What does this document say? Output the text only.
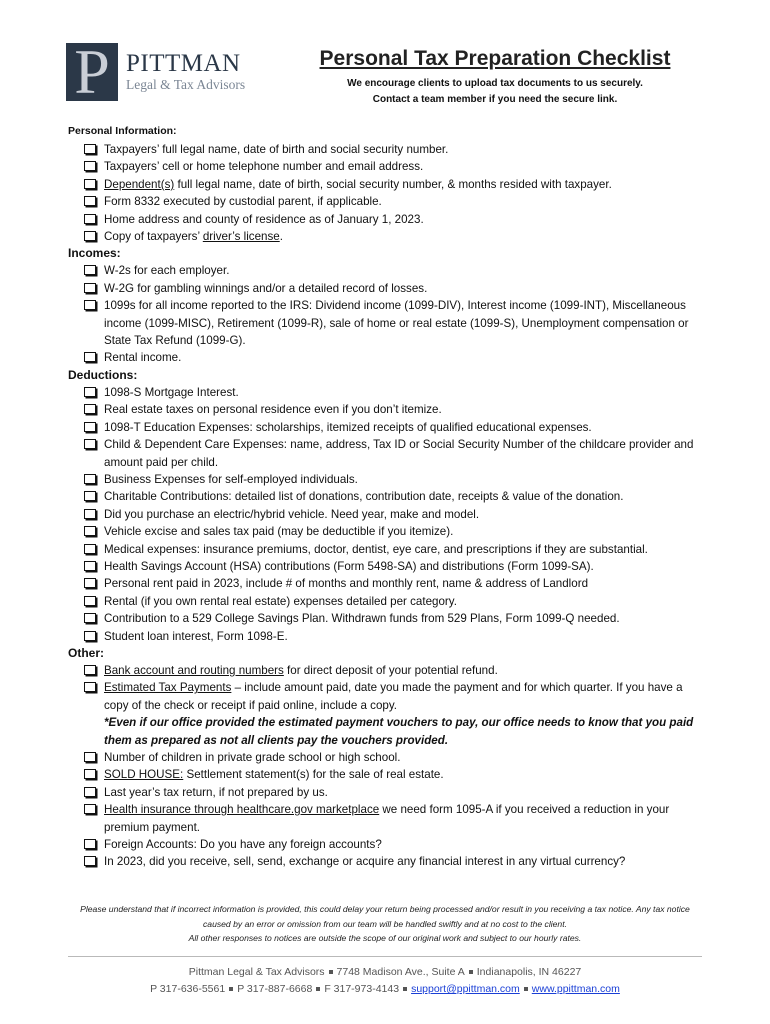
P PITTMAN
Legal & Tax Advisors
Personal Tax Preparation Checklist
We encourage clients to upload tax documents to us securely.
Contact a team member if you need the secure link.
Personal Information:
Taxpayers’ full legal name, date of birth and social security number.
Taxpayers’ cell or home telephone number and email address.
Dependent(s) full legal name, date of birth, social security number, & months resided with taxpayer.
Form 8332 executed by custodial parent, if applicable.
Home address and county of residence as of January 1, 2023.
Copy of taxpayers’ driver’s license.
Incomes:
W-2s for each employer.
W-2G for gambling winnings and/or a detailed record of losses.
1099s for all income reported to the IRS: Dividend income (1099-DIV), Interest income (1099-INT), Miscellaneous income (1099-MISC), Retirement (1099-R), sale of home or real estate (1099-S), Unemployment compensation or State Tax Refund (1099-G).
Rental income.
Deductions:
1098-S Mortgage Interest.
Real estate taxes on personal residence even if you don’t itemize.
1098-T Education Expenses: scholarships, itemized receipts of qualified educational expenses.
Child & Dependent Care Expenses: name, address, Tax ID or Social Security Number of the childcare provider and amount paid per child.
Business Expenses for self-employed individuals.
Charitable Contributions: detailed list of donations, contribution date, receipts & value of the donation.
Did you purchase an electric/hybrid vehicle. Need year, make and model.
Vehicle excise and sales tax paid (may be deductible if you itemize).
Medical expenses: insurance premiums, doctor, dentist, eye care, and prescriptions if they are substantial.
Health Savings Account (HSA) contributions (Form 5498-SA) and distributions (Form 1099-SA).
Personal rent paid in 2023, include # of months and monthly rent, name & address of Landlord
Rental (if you own rental real estate) expenses detailed per category.
Contribution to a 529 College Savings Plan. Withdrawn funds from 529 Plans, Form 1099-Q needed.
Student loan interest, Form 1098-E.
Other:
Bank account and routing numbers for direct deposit of your potential refund.
Estimated Tax Payments – include amount paid, date you made the payment and for which quarter. If you have a copy of the check or receipt if paid online, include a copy.
*Even if our office provided the estimated payment vouchers to pay, our office needs to know that you paid them as prepared as not all clients pay the vouchers provided.
Number of children in private grade school or high school.
SOLD HOUSE: Settlement statement(s) for the sale of real estate.
Last year’s tax return, if not prepared by us.
Health insurance through healthcare.gov marketplace we need form 1095-A if you received a reduction in your premium payment.
Foreign Accounts: Do you have any foreign accounts?
In 2023, did you receive, sell, send, exchange or acquire any financial interest in any virtual currency?
Please understand that if incorrect information is provided, this could delay your return being processed and/or result in you receiving a tax notice. Any tax notice caused by an error or omission from our team will be handled swiftly and at no cost to the client.
All other responses to notices are outside the scope of our original work and subject to our hourly rates.
Pittman Legal & Tax Advisors 7748 Madison Ave., Suite A Indianapolis, IN 46227
P 317-636-5561 P 317-887-6668 F 317-973-4143 support@ppittman.com www.ppittman.com
